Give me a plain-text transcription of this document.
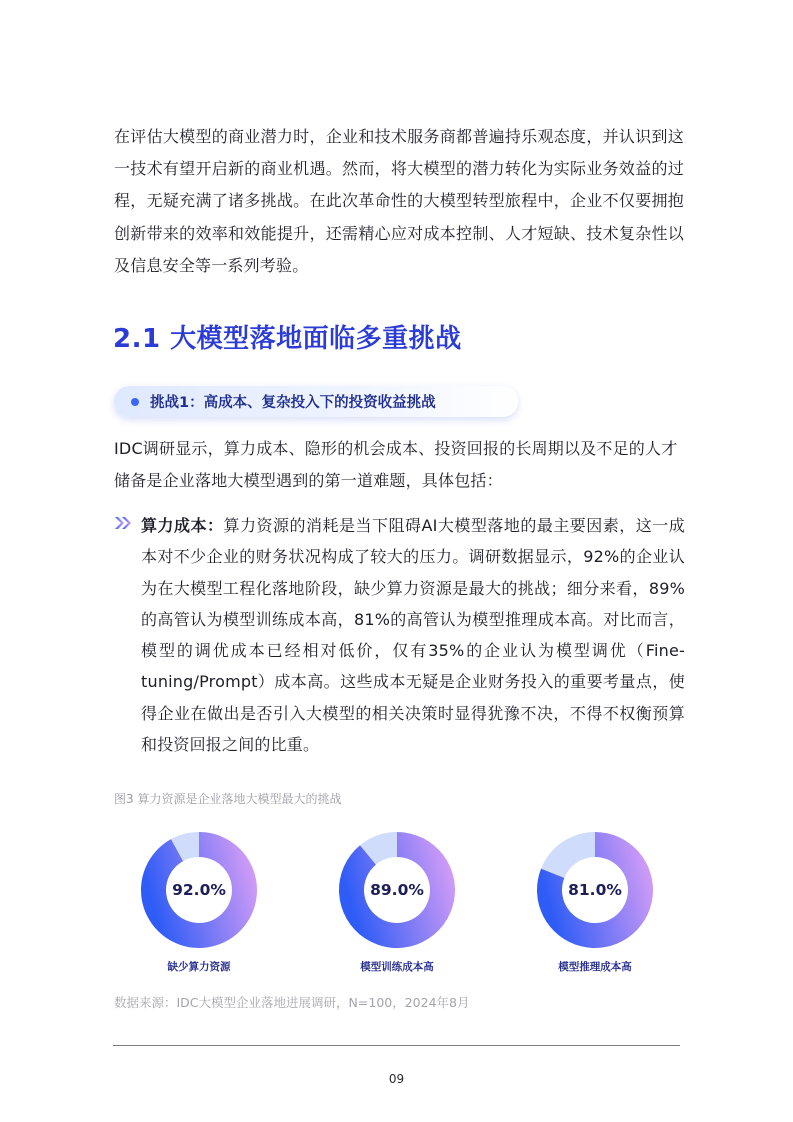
在评估大模型的商业潜力时，企业和技术服务商都普遍持乐观态度，并认识到这一技术有望开启新的商业机遇。然而，将大模型的潜力转化为实际业务效益的过程，无疑充满了诸多挑战。在此次革命性的大模型转型旅程中，企业不仅要拥抱创新带来的效率和效能提升，还需精心应对成本控制、人才短缺、技术复杂性以及信息安全等一系列考验。

2.1 大模型落地面临多重挑战
挑战1：高成本、复杂投入下的投资收益挑战

IDC调研显示，算力成本、隐形的机会成本、投资回报的长周期以及不足的人才储备是企业落地大模型遇到的第一道难题，具体包括：

算力成本：算力资源的消耗是当下阻碍AI大模型落地的最主要因素，这一成本对不少企业的财务状况构成了较大的压力。调研数据显示，92%的企业认为在大模型工程化落地阶段，缺少算力资源是最大的挑战；细分来看，89%的高管认为模型训练成本高，81%的高管认为模型推理成本高。对比而言，模型的调优成本已经相对低价，仅有35%的企业认为模型调优（Fine-tuning/Prompt）成本高。这些成本无疑是企业财务投入的重要考量点，使得企业在做出是否引入大模型的相关决策时显得犹豫不决，不得不权衡预算和投资回报之间的比重。

图3 算力资源是企业落地大模型最大的挑战

92.0%
缺少算力资源
89.0%
模型训练成本高
81.0%
模型推理成本高

数据来源：IDC大模型企业落地进展调研，N=100，2024年8月

09
